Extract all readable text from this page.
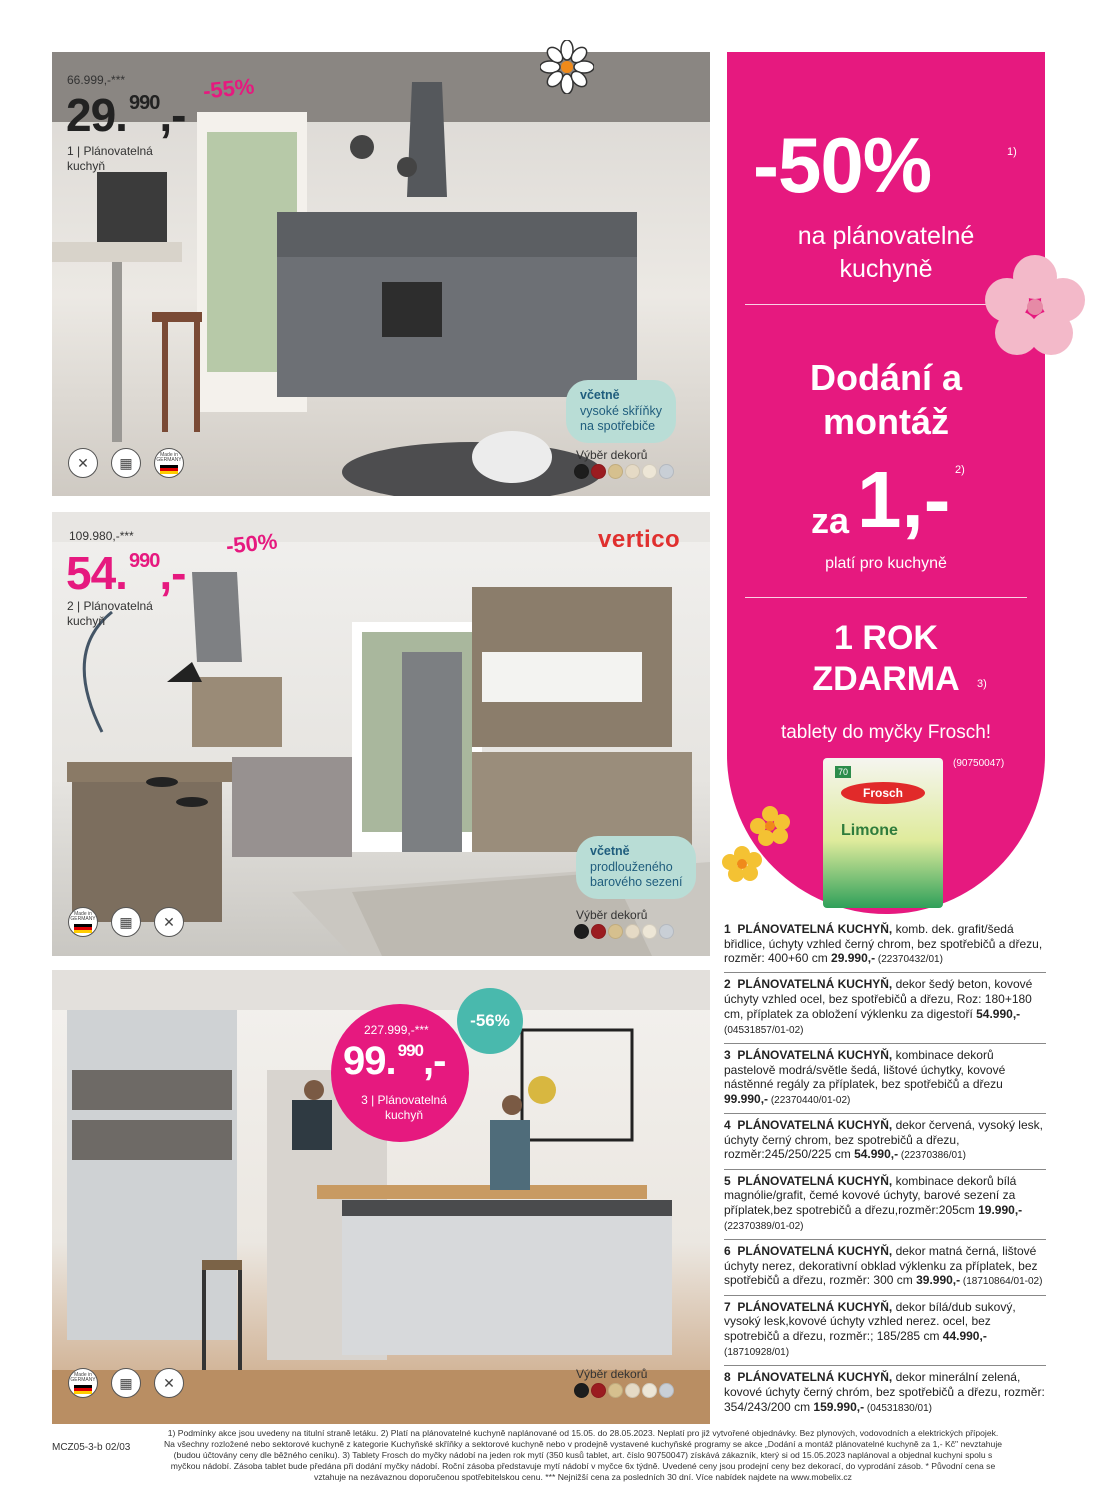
66.999,-***
29. $^{990}$,-
-55%
1 | Plánovatelná
kuchyň
včetně
vysoké skříňky
na spotřebiče
Výběr dekorů
✕	▦	Made in GERMANY
109.980,-***
54. $^{990}$,-
-50%
2 | Plánovatelná
kuchyň
vertico
včetně
prodlouženého
barového sezení
Výběr dekorů
Made in GERMANY	▦	✕
227.999,-***
99. $^{990}$,-
3 | Plánovatelná
kuchyň
-56%
Výběr dekorů
Made in GERMANY	▦	✕
-50%	1)
na plánovatelné
kuchyně
Dodání a
montáž
za 1,- 2)
platí pro kuchyně
1 ROK
ZDARMA	3)
tablety do myčky Frosch!
(90750047)
70
Frosch
Limone
1 PLÁNOVATELNÁ KUCHYŇ, komb. dek. grafit/šedá břidlice, úchyty vzhled černý chrom, bez spotřebičů a dřezu, rozměr: 400+60 cm 29.990,- (22370432/01)
2 PLÁNOVATELNÁ KUCHYŇ, dekor šedý beton, kovové úchyty vzhled ocel, bez spotřebičů a dřezu, Roz: 180+180 cm, příplatek za obložení výklenku za digestoří 54.990,- (04531857/01-02)
3 PLÁNOVATELNÁ KUCHYŇ, kombinace dekorů pastelově modrá/světle šedá, lištové úchytky, kovové nástěnné regály za příplatek, bez spotřebičů a dřezu 99.990,- (22370440/01-02)
4 PLÁNOVATELNÁ KUCHYŇ, dekor červená, vysoký lesk, úchyty černý chrom, bez spotrebičů a dřezu, rozměr:245/250/225 cm 54.990,- (22370386/01)
5 PLÁNOVATELNÁ KUCHYŇ, kombinace dekorů bílá magnólie/grafit, čemé kovové úchyty, barové sezení za příplatek,bez spotrebičů a dřezu,rozměr:205cm 19.990,- (22370389/01-02)
6 PLÁNOVATELNÁ KUCHYŇ, dekor matná černá, lištové úchyty nerez, dekorativní obklad výklenku za příplatek, bez spotřebičů a dřezu, rozměr: 300 cm 39.990,- (18710864/01-02)
7 PLÁNOVATELNÁ KUCHYŇ, dekor bílá/dub sukový, vysoký lesk,kovové úchyty vzhled nerez. ocel, bez spotrebičů a dřezu, rozměr:; 185/285 cm 44.990,- (18710928/01)
8 PLÁNOVATELNÁ KUCHYŇ, dekor minerální zelená, kovové úchyty černý chróm, bez spotřebičů a dřezu, rozměr: 354/243/200 cm 159.990,- (04531830/01)
MCZ05-3-b 02/03
1) Podmínky akce jsou uvedeny na titulní straně letáku. 2) Platí na plánovatelné kuchyně naplánované od 15.05. do 28.05.2023. Neplatí pro již vytvořené objednávky. Bez plynových, vodovodních a elektrických přípojek.
Na všechny rozložené nebo sektorové kuchyně z kategorie Kuchyňské skříňky a sektorové kuchyně nebo v prodejně vystavené kuchyňské programy se akce „Dodání a montáž plánovatelné kuchyně za 1,- Kč" nevztahuje
(budou účtovány ceny dle běžného ceníku). 3) Tablety Frosch do myčky nádobí na jeden rok mytí (350 kusů tablet, art. číslo 90750047) získává zákazník, který si od 15.05.2023 naplánoval a objednal kuchyni spolu s
myčkou nádobí. Zásoba tablet bude předána při dodání myčky nádobí. Roční zásoba představuje mytí nádobí v myčce 6x týdně. Uvedené ceny jsou prodejní ceny bez dekorací, do vyprodání zásob. * Původní cena se
vztahuje na nezávaznou doporučenou spotřebitelskou cenu. *** Nejnižší cena za posledních 30 dní. Více nabídek najdete na www.mobelix.cz
